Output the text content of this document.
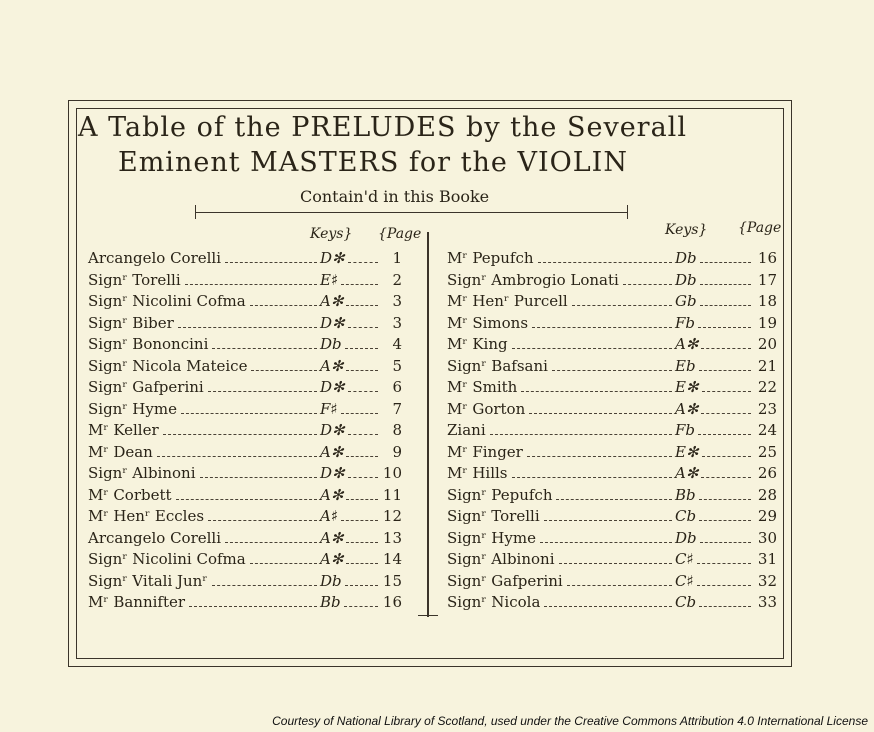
A Table of the PRELUDES by the Severall
Eminent MASTERS for the VIOLIN
Contain'd in this Booke
Keys} {Page	Keys} {Page
Arcangelo Corelli	D✻	1
Signʳ Torelli	E♯	2
Signʳ Nicolini Cofma	A✻	3
Signʳ Biber	D✻	3
Signʳ Bononcini	Db	4
Signʳ Nicola Mateice	A✻	5
Signʳ Gafperini	D✻	6
Signʳ Hyme	F♯	7
Mʳ Keller	D✻	8
Mʳ Dean	A✻	9
Signʳ Albinoni	D✻	10
Mʳ Corbett	A✻	11
Mʳ Henʳ Eccles	A♯	12
Arcangelo Corelli	A✻	13
Signʳ Nicolini Cofma	A✻	14
Signʳ Vitali Junʳ	Db	15
Mʳ Bannifter	Bb	16
Mʳ Pepufch	Db	16
Signʳ Ambrogio Lonati	Db	17
Mʳ Henʳ Purcell	Gb	18
Mʳ Simons	Fb	19
Mʳ King	A✻	20
Signʳ Bafsani	Eb	21
Mʳ Smith	E✻	22
Mʳ Gorton	A✻	23
Ziani	Fb	24
Mʳ Finger	E✻	25
Mʳ Hills	A✻	26
Signʳ Pepufch	Bb	28
Signʳ Torelli	Cb	29
Signʳ Hyme	Db	30
Signʳ Albinoni	C♯	31
Signʳ Gafperini	C♯	32
Signʳ Nicola	Cb	33
Courtesy of National Library of Scotland, used under the Creative Commons Attribution 4.0 International License
